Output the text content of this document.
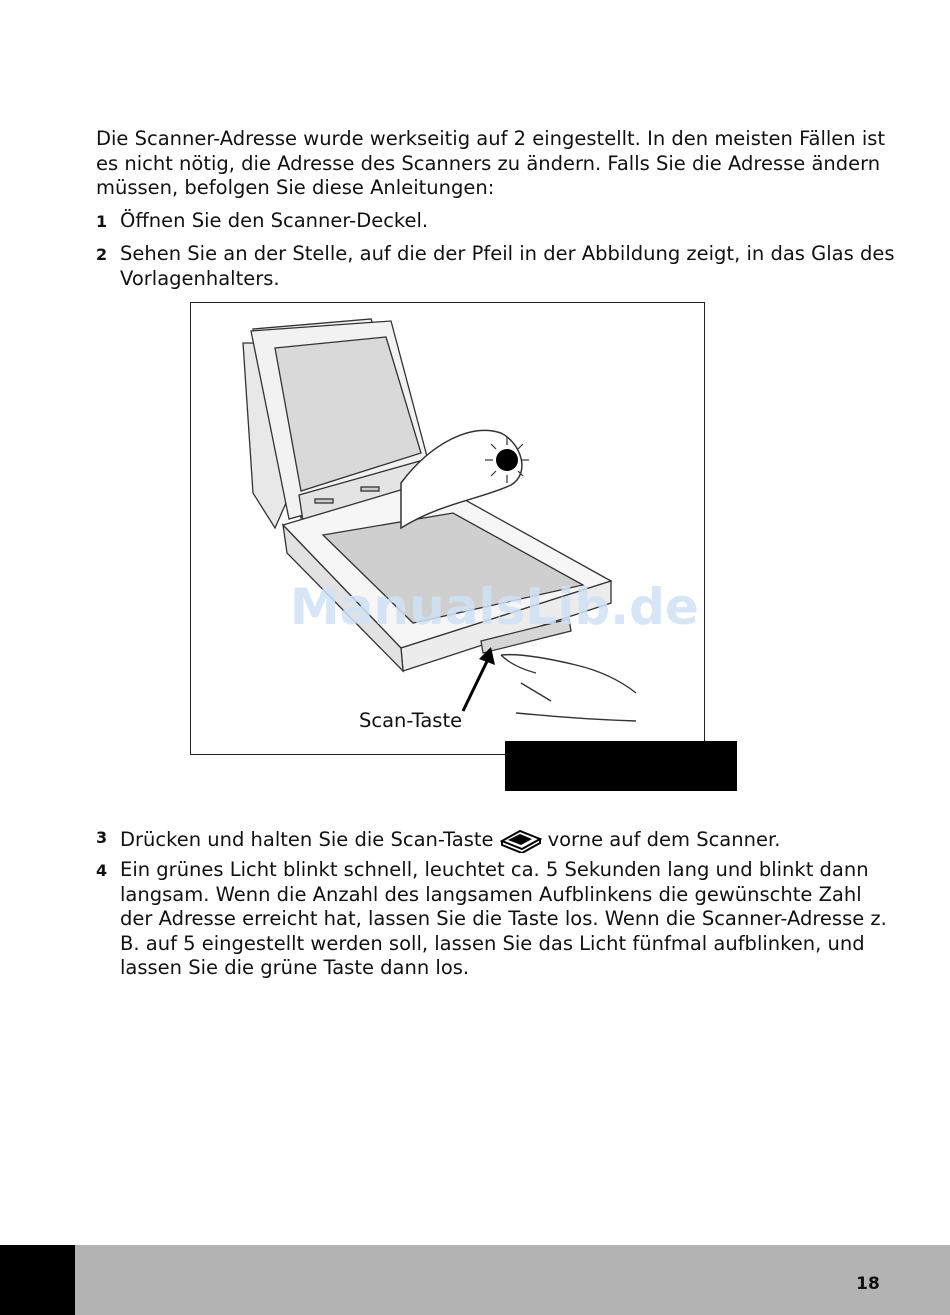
Die Scanner-Adresse wurde werkseitig auf 2 eingestellt. In den meisten Fällen ist es nicht nötig, die Adresse des Scanners zu ändern. Falls Sie die Adresse ändern müssen, befolgen Sie diese Anleitungen:

1 Öffnen Sie den Scanner-Deckel.
2 Sehen Sie an der Stelle, auf die der Pfeil in der Abbildung zeigt, in das Glas des Vorlagenhalters.
ManualsLib.de
Scan-Taste
3 Drücken und halten Sie die Scan-Taste	vorne auf dem Scanner.
4 Ein grünes Licht blinkt schnell, leuchtet ca. 5 Sekunden lang und blinkt dann langsam. Wenn die Anzahl des langsamen Aufblinkens die gewünschte Zahl der Adresse erreicht hat, lassen Sie die Taste los. Wenn die Scanner-Adresse z. B. auf 5 eingestellt werden soll, lassen Sie das Licht fünfmal aufblinken, und lassen Sie die grüne Taste dann los.
18
